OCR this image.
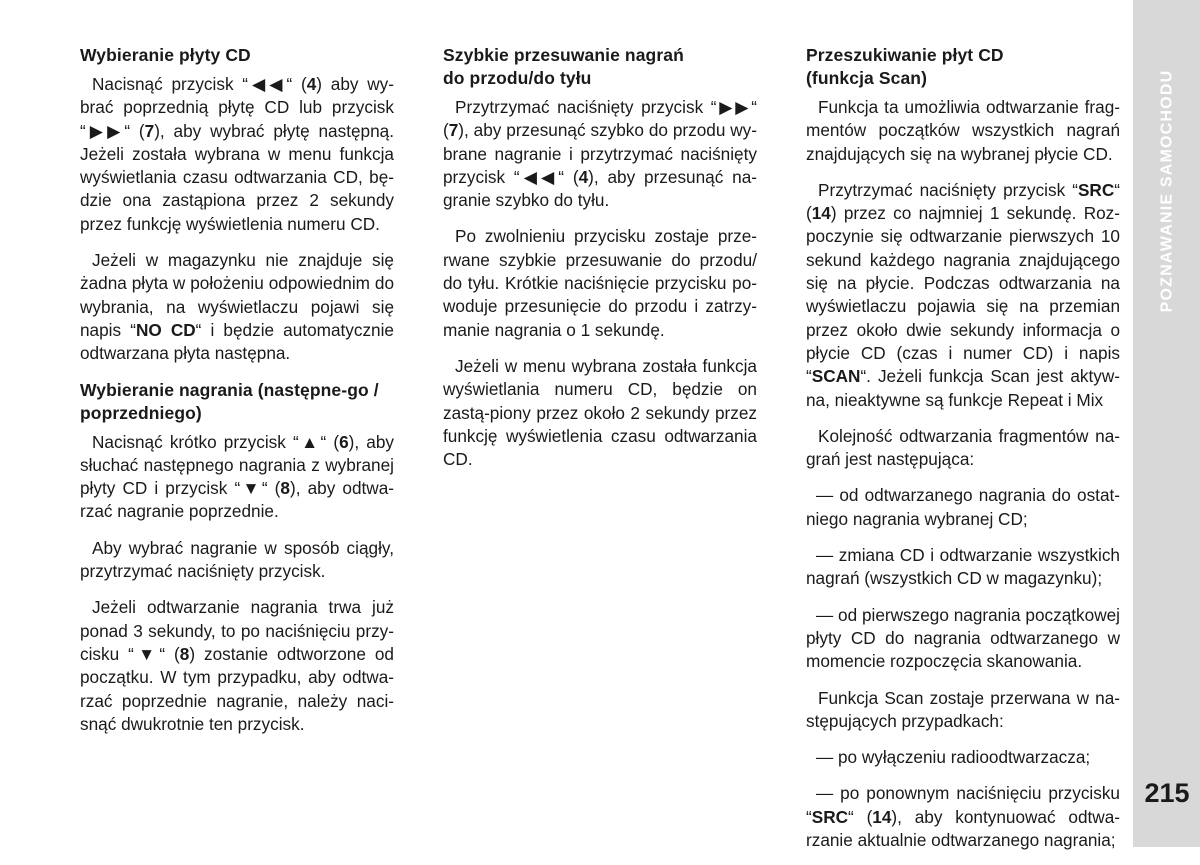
POZNAWANIE SAMOCHODU
215
Wybieranie płyty CD

Nacisnąć przycisk “◀◀“ (4) aby wy-brać poprzednią płytę CD lub przycisk “▶▶“ (7), aby wybrać płytę następną. Jeżeli została wybrana w menu funkcja wyświetlania czasu odtwarzania CD, bę-dzie ona zastąpiona przez 2 sekundy przez funkcję wyświetlenia numeru CD.

Jeżeli w magazynku nie znajduje się żadna płyta w położeniu odpowiednim do wybrania, na wyświetlaczu pojawi się napis “NO CD“ i będzie automatycznie odtwarzana płyta następna.

Wybieranie nagrania (następne-go / poprzedniego)

Nacisnąć krótko przycisk “▲“ (6), aby słuchać następnego nagrania z wybranej płyty CD i przycisk “▼“ (8), aby odtwa-rzać nagranie poprzednie.

Aby wybrać nagranie w sposób ciągły, przytrzymać naciśnięty przycisk.

Jeżeli odtwarzanie nagrania trwa już ponad 3 sekundy, to po naciśnięciu przy-cisku “▼“ (8) zostanie odtworzone od początku. W tym przypadku, aby odtwa-rzać poprzednie nagranie, należy naci-snąć dwukrotnie ten przycisk.

Szybkie przesuwanie nagrań
do przodu/do tyłu

Przytrzymać naciśnięty przycisk “▶▶“ (7), aby przesunąć szybko do przodu wy-brane nagranie i przytrzymać naciśnięty przycisk “◀◀“ (4), aby przesunąć na-granie szybko do tyłu.

Po zwolnieniu przycisku zostaje prze-rwane szybkie przesuwanie do przodu/ do tyłu. Krótkie naciśnięcie przycisku po-woduje przesunięcie do przodu i zatrzy-manie nagrania o 1 sekundę.

Jeżeli w menu wybrana została funkcja wyświetlania numeru CD, będzie on zastą-piony przez około 2 sekundy przez funkcję wyświetlenia czasu odtwarzania CD.

Przeszukiwanie płyt CD
(funkcja Scan)

Funkcja ta umożliwia odtwarzanie frag-mentów początków wszystkich nagrań znajdujących się na wybranej płycie CD.

Przytrzymać naciśnięty przycisk “SRC“ (14) przez co najmniej 1 sekundę. Roz-poczynie się odtwarzanie pierwszych 10 sekund każdego nagrania znajdującego się na płycie. Podczas odtwarzania na wyświetlaczu pojawia się na przemian przez około dwie sekundy informacja o płycie CD (czas i numer CD) i napis “SCAN“. Jeżeli funkcja Scan jest aktyw-na, nieaktywne są funkcje Repeat i Mix

Kolejność odtwarzania fragmentów na-grań jest następująca:

— od odtwarzanego nagrania do ostat-niego nagrania wybranej CD;

— zmiana CD i odtwarzanie wszystkich nagrań (wszystkich CD w magazynku);

— od pierwszego nagrania początkowej płyty CD do nagrania odtwarzanego w momencie rozpoczęcia skanowania.

Funkcja Scan zostaje przerwana w na-stępujących przypadkach:

— po wyłączeniu radioodtwarzacza;

— po ponownym naciśnięciu przycisku “SRC“ (14), aby kontynuować odtwa-rzanie aktualnie odtwarzanego nagrania;
